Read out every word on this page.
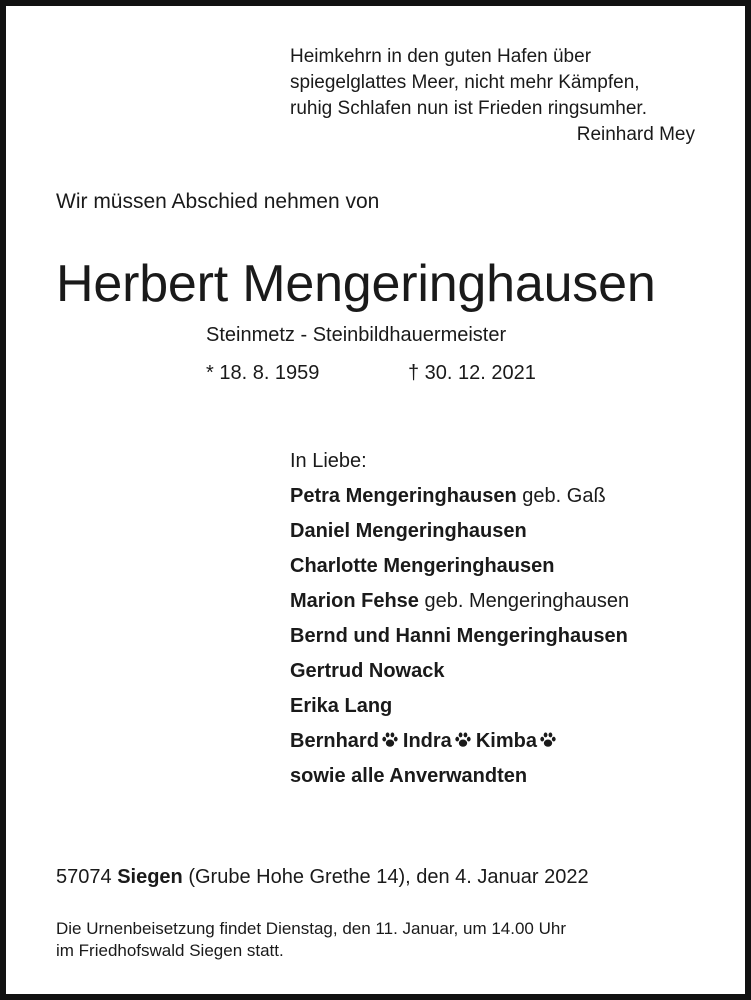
Heimkehrn in den guten Hafen über
spiegelglattes Meer, nicht mehr Kämpfen,
ruhig Schlafen nun ist Frieden ringsumher.
Reinhard Mey
Wir müssen Abschied nehmen von
Herbert Mengeringhausen
Steinmetz - Steinbildhauermeister
* 18. 8. 1959	† 30. 12. 2021
In Liebe:
Petra Mengeringhausen geb. Gaß
Daniel Mengeringhausen
Charlotte Mengeringhausen
Marion Fehse geb. Mengeringhausen
Bernd und Hanni Mengeringhausen
Gertrud Nowack
Erika Lang
Bernhard Indra Kimba
sowie alle Anverwandten
57074 Siegen (Grube Hohe Grethe 14), den 4. Januar 2022
Die Urnenbeisetzung findet Dienstag, den 11. Januar, um 14.00 Uhr
im Friedhofswald Siegen statt.
